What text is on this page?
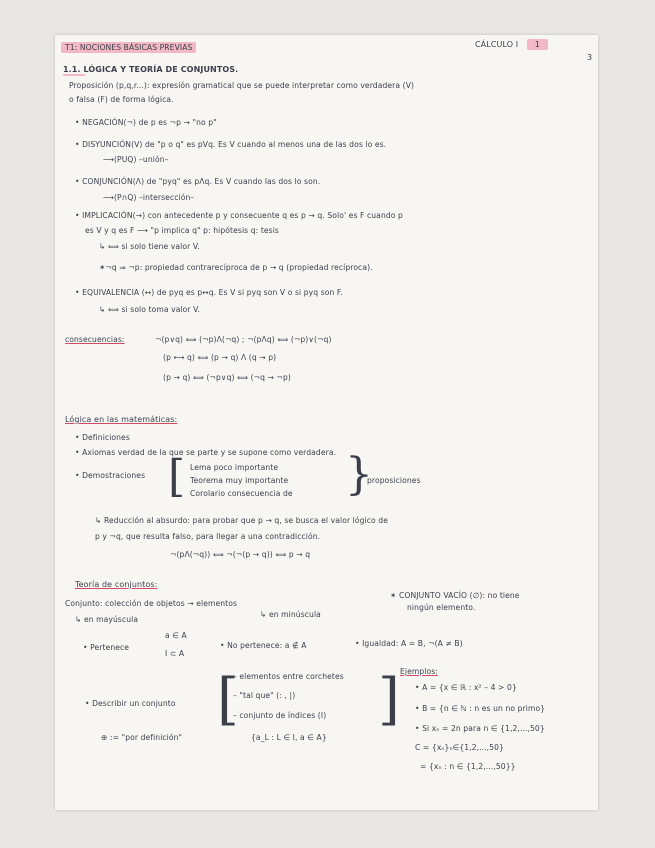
T1: NOCIONES BÁSICAS PREVIAS	CÁLCULO I 1
3
1.1. LÓGICA Y TEORÍA DE CONJUNTOS.
Proposición (p,q,r...): expresión gramatical que se puede interpretar como verdadera (V)
o falsa (F) de forma lógica.
• NEGACIÓN(¬) de p es ¬p → "no p"
• DISYUNCIÓN(V) de "p o q" es pVq. Es V cuando al menos una de las dos lo es.
⟶(PUQ) –unión–
• CONJUNCIÓN(Λ) de "pyq" es pΛq. Es V cuando las dos lo son.
⟶(P∩Q) –intersección–
• IMPLICACIÓN(→) con antecedente p y consecuente q es p → q. Solo' es F cuando p
es V y q es F ⟶ "p implica q" p: hipótesis q: tesis
↳ ⟺ si solo tiene valor V.
✶¬q ⇒ ¬p: propiedad contrarecíproca de p → q (propiedad recíproca).
• EQUIVALENCIA (↔) de pyq es p↔q. Es V si pyq son V o si pyq son F.
↳ ⟺ si solo toma valor V.
consecuencias:	¬(p∨q) ⟺ (¬p)Λ(¬q) ; ¬(pΛq) ⟺ (¬p)∨(¬q)
(p ⟷ q) ⟺ (p → q) Λ (q → p)
(p → q) ⟺ (¬p∨q) ⟺ (¬q → ¬p)
Lógica en las matemáticas:
• Definiciones
• Axiomas verdad de la que se parte y se supone como verdadera.
• Demostraciones [ Lema poco importante
Teorema muy importante
Corolario consecuencia de }
proposiciones
↳ Reducción al absurdo: para probar que p → q, se busca el valor lógico de
p y ¬q, que resulta falso, para llegar a una contradicción.
¬(pΛ(¬q)) ⟺ ¬(¬(p → q)) ⟺ p → q
Teoría de conjuntos:
Conjunto: colección de objetos → elementos
↳ en minúscula
↳ en mayúscula
✶ CONJUNTO VACÍO (∅): no tiene
ningún elemento.
• Pertenece
a ∈ A
I ⊂ A
• No pertenece: a ∉ A	• Igualdad: A = B, ¬(A ≠ B)
• Describir un conjunto [
– elementos entre corchetes
– "tal que" (: , |)
– conjunto de índices (I) ] Ejemplos:
• A = {x ∈ ℝ : x² – 4 > 0}
• B = {n ∈ ℕ : n es un no primo}
• Si xₙ = 2n para n ∈ {1,2,...,50}
C = {xₙ}ₙ∈{1,2,...,50}
= {xₙ : n ∈ {1,2,...,50}}
⊕ := "por definición"	{a_L : L ∈ I, a ∈ A}
